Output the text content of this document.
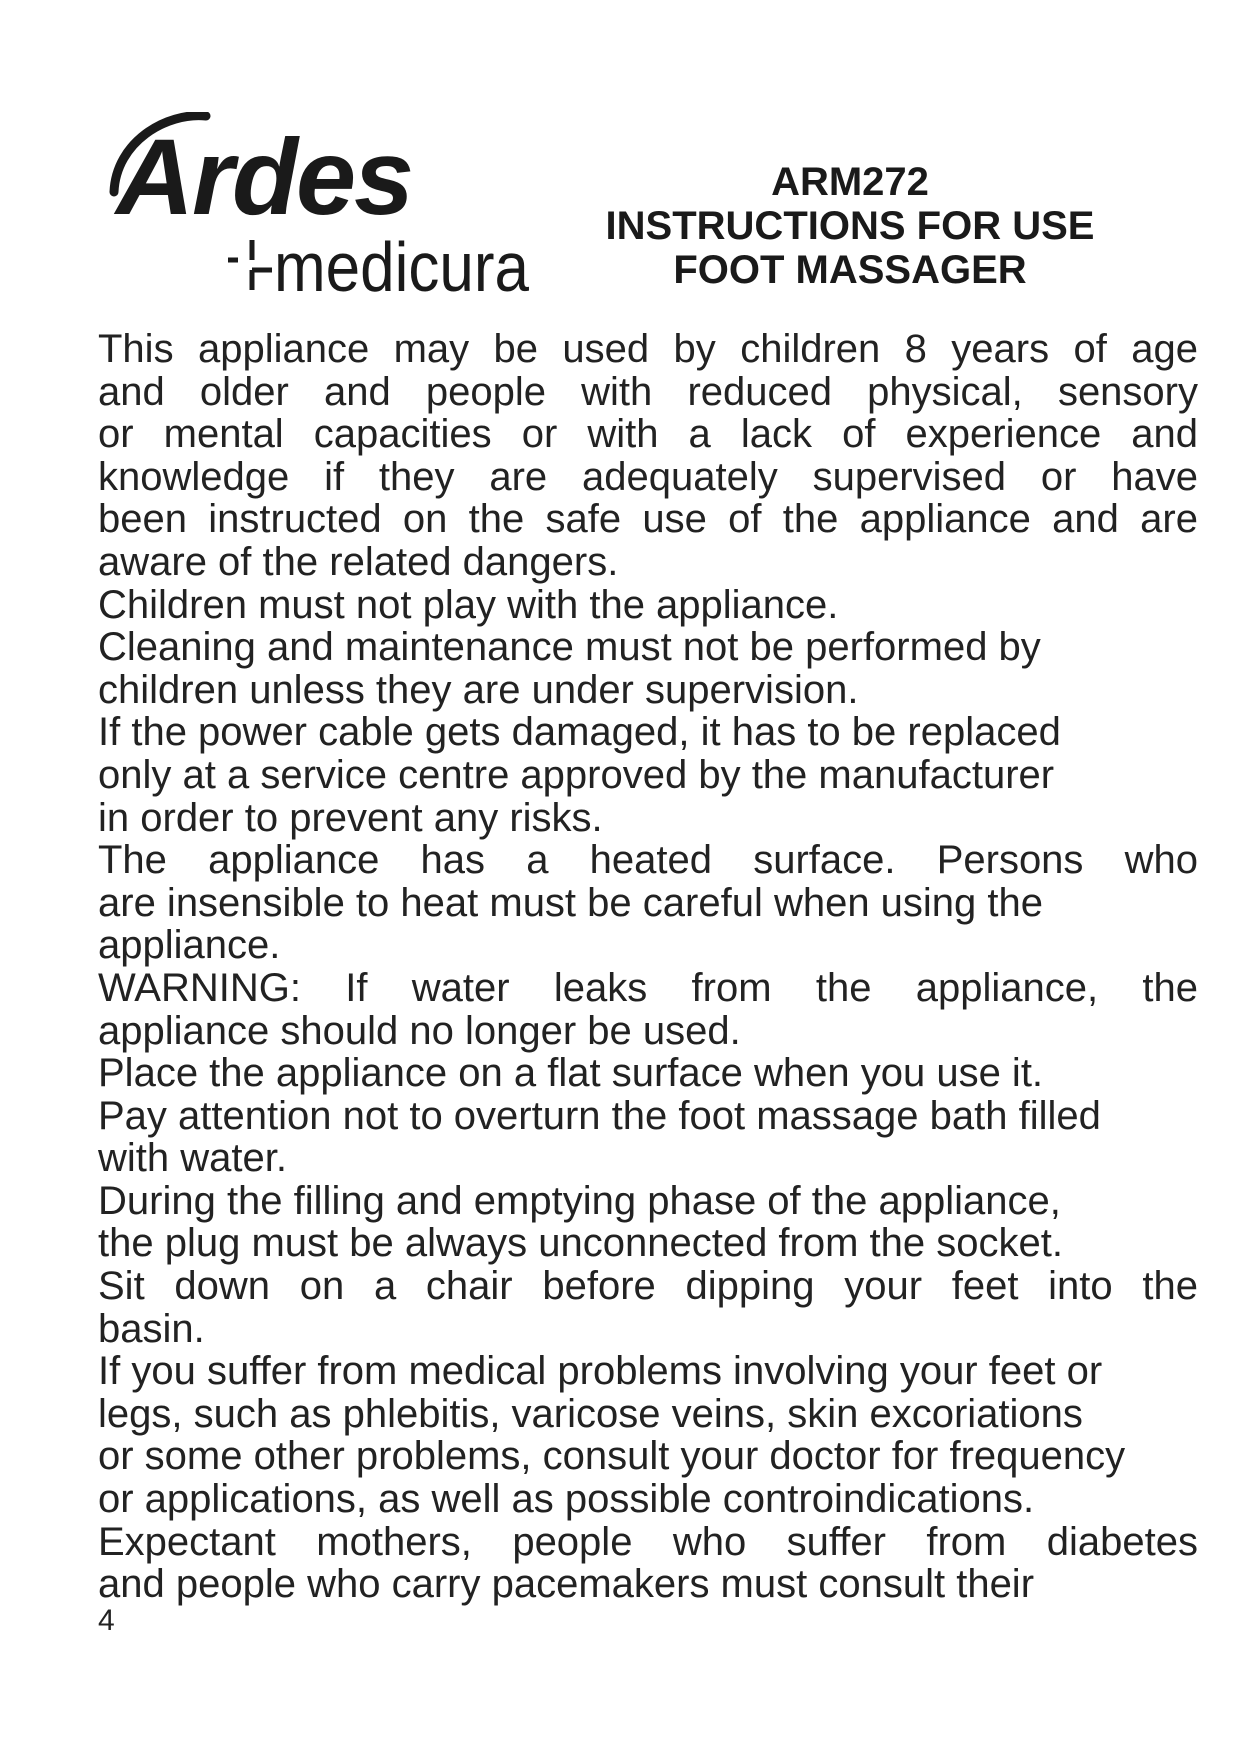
Ardes
medicura
ARM272
INSTRUCTIONS FOR USE
FOOT MASSAGER

This appliance may be used by children 8 years of age

and older and people with reduced physical, sensory

or mental capacities or with a lack of experience and

knowledge if they are adequately supervised or have

been instructed on the safe use of the appliance and are

aware of the related dangers.

Children must not play with the appliance.

Cleaning and maintenance must not be performed by

children unless they are under supervision.

If the power cable gets damaged, it has to be replaced

only at a service centre approved by the manufacturer

in order to prevent any risks.

The appliance has a heated surface. Persons who

are insensible to heat must be careful when using the

appliance.

WARNING: If water leaks from the appliance, the

appliance should no longer be used.

Place the appliance on a flat surface when you use it.

Pay attention not to overturn the foot massage bath filled

with water.

During the filling and emptying phase of the appliance,

the plug must be always unconnected from the socket.

Sit down on a chair before dipping your feet into the

basin.

If you suffer from medical problems involving your feet or

legs, such as phlebitis, varicose veins, skin excoriations

or some other problems, consult your doctor for frequency

or applications, as well as possible controindications.

Expectant mothers, people who suffer from diabetes

and people who carry pacemakers must consult their

4
